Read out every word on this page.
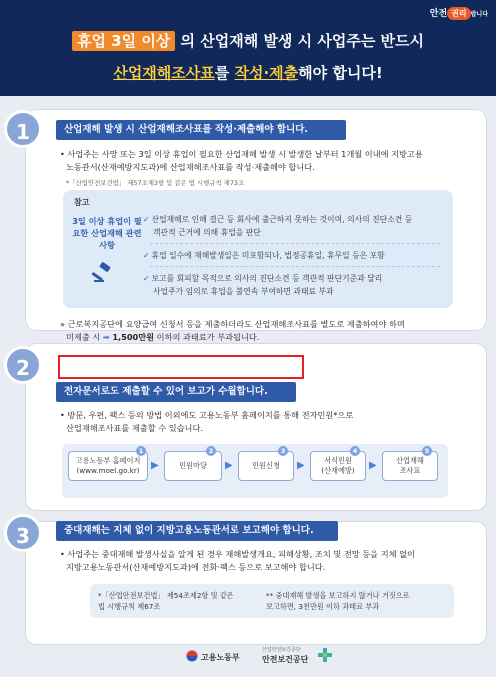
안전 권리 랍니다
휴업 3일 이상 의 산업재해 발생 시 사업주는 반드시
산업재해조사표를 작성·제출해야 합니다!
1	산업재해 발생 시 산업재해조사표를 작성·제출해야 합니다.
• 사업주는 사망 또는 3일 이상 휴업이 필요한 산업재해 발생 시 발생한 날부터 1개월 이내에 지방고용
노동관서(산재예방지도과)에 산업재해조사표를 작성·제출해야 합니다.
*「산업안전보건법」 제57조제3항 및 같은 법 시행규칙 제73조
참고
3일 이상 휴업이 필요한 산업재해 관련 사항
✓ 산업재해로 인해 결근 등 회사에 출근하지 못하는 것이며, 의사의 진단소견 등
객관적 근거에 의해 휴업을 판단
✓ 휴업 일수에 재해발생일은 미포함되나, 법정공휴일, 휴무일 등은 포함
✓ 보고를 회피할 목적으로 의사의 진단소견 등 객관적 판단기준과 달리
사업주가 임의로 휴업을 불연속 부여하면 과태료 부과
» 근로복지공단에 요양급여 신청서 등을 제출하더라도 산업재해조사표를 별도로 제출하여야 하며
미제출 시 ➡ 1,500만원 이하의 과태료가 부과됩니다.
2
전자문서로도 제출할 수 있어 보고가 수월합니다.
• 방문, 우편, 팩스 등의 방법 이외에도 고용노동부 홈페이지를 통해 전자민원*으로
산업재해조사표를 제출할 수 있습니다.
고용노동부 홈페이지
(www.moel.go.kr)
1
▶	민원마당
2
▶	민원신청
3
▶	서식민원
(산재예방)
4
▶	산업재해
조사표
5
3	중대재해는 지체 없이 지방고용노동관서로 보고해야 합니다.
• 사업주는 중대재해 발생사실을 알게 된 경우 재해발생개요, 피해상황, 조치 및 전망 등을 지체 없이
지방고용노동관서(산재예방지도과)에 전화·팩스 등으로 보고해야 합니다.
*「산업안전보건법」 제54조제2항 및 같은
법 시행규칙 제67조
** 중대재해 발생을 보고하지 않거나 거짓으로
보고하면, 3천만원 이하 과태료 부과
고용노동부
산업안전보건공단
안전보건공단
